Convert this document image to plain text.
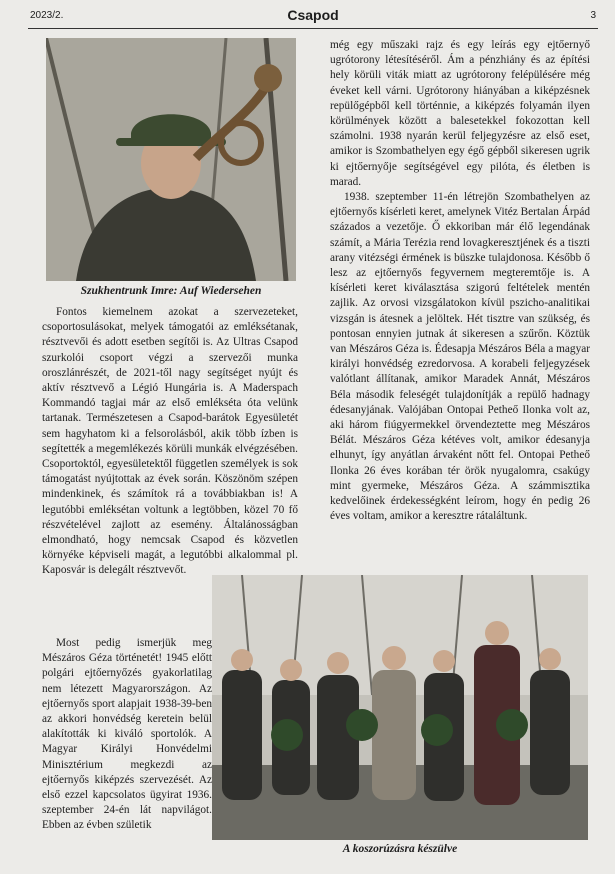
2023/2.	Csapod	3
Szukhentrunk Imre: Auf Wiedersehen

Fontos kiemelnem azokat a szervezeteket, csoportosulásokat, melyek támogatói az emléksétanak, résztvevői és adott esetben segítői is. Az Ultras Csapod szurkolói csoport végzi a szervezői munka oroszlánrészét, de 2021-től nagy segítséget nyújt és aktív résztvevő a Légió Hungária is. A Maderspach Kommandó tagjai már az első emlékséta óta velünk tartanak. Természetesen a Csapod-barátok Egyesületét sem hagyhatom ki a felsorolásból, akik több ízben is segítették a megemlékezés körüli munkák elvégzésében. Csoportoktól, egyesületektől független személyek is sok támogatást nyújtottak az évek során. Köszönöm szépen mindenkinek, és számítok rá a továbbiakban is! A legutóbbi emléksétan voltunk a legtöbben, közel 70 fő részvételével zajlott az esemény. Általánosságban elmondható, hogy nemcsak Csapod és közvetlen környéke képviseli magát, a legutóbbi alkalommal pl. Kaposvár is delegált résztvevőt.

Most pedig ismerjük meg Mészáros Géza történetét! 1945 előtt polgári ejtőernyőzés gyakorlatilag nem létezett Magyarországon. Az ejtőernyős sport alapjait 1938-39-ben az akkori honvédség keretein belül alakították ki kiváló sportolók. A Magyar Királyi Honvédelmi Minisztérium megkezdi az ejtőernyős kiképzés szervezését. Az első ezzel kapcsolatos ügyirat 1936. szeptember 24-én lát napvilágot. Ebben az évben születik

még egy műszaki rajz és egy leírás egy ejtőernyő ugrótorony létesítéséről. Ám a pénzhiány és az építési hely körüli viták miatt az ugrótorony felépülésére még éveket kell várni. Ugrótorony hiányában a kiképzésnek repülőgépből kell történnie, a kiképzés folyamán ilyen körülmények között a balesetekkel fokozottan kell számolni. 1938 nyarán kerül feljegyzésre az első eset, amikor is Szombathelyen egy égő gépből sikeresen ugrik ki ejtőernyője segítségével egy pilóta, és életben is marad.

1938. szeptember 11-én létrejön Szombathelyen az ejtőernyős kísérleti keret, amelynek Vitéz Bertalan Árpád százados a vezetője. Ő ekkoriban már élő legendának számít, a Mária Terézia rend lovagkeresztjének és a tiszti arany vitézségi érmének is büszke tulajdonosa. Később ő lesz az ejtőernyős fegyvernem megteremtője is. A kísérleti keret kiválasztása szigorú feltételek mentén zajlik. Az orvosi vizsgálatokon kívül pszicho-analitikai vizsgán is átesnek a jelöltek. Hét tisztre van szükség, és pontosan ennyien jutnak át sikeresen a szűrőn. Köztük van Mészáros Géza is. Édesapja Mészáros Béla a magyar királyi honvédség ezredorvosa. A korabeli feljegyzések valótlant állítanak, amikor Maradek Annát, Mészáros Béla második feleségét tulajdonítják a repülő hadnagy édesanyjának. Valójában Ontopai Petheő Ilonka volt az, aki három fiúgyermekkel örvendeztette meg Mészáros Bélát. Mészáros Géza kétéves volt, amikor édesanyja elhunyt, így anyátlan árvaként nőtt fel. Ontopai Petheő Ilonka 26 éves korában tér örök nyugalomra, csakúgy mint gyermeke, Mészáros Géza. A számmisztika kedvelőinek érdekességként leírom, hogy én pedig 26 éves voltam, amikor a keresztre rátaláltunk.

A koszorúzásra készülve
